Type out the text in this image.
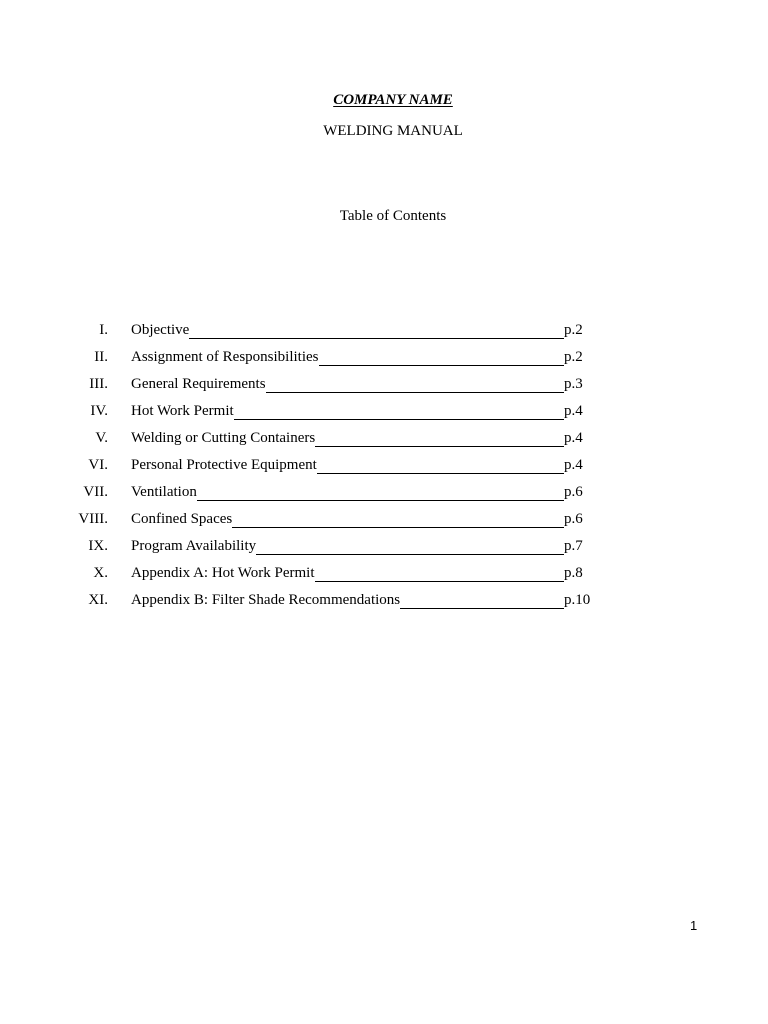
COMPANY NAME
WELDING MANUAL
Table of Contents
I. Objective	p.2
II. Assignment of Responsibilities	p.2
III. General Requirements	p.3
IV. Hot Work Permit	p.4
V. Welding or Cutting Containers	p.4
VI. Personal Protective Equipment	p.4
VII. Ventilation	p.6
VIII. Confined Spaces	p.6
IX. Program Availability	p.7
X. Appendix A: Hot Work Permit	p.8
XI. Appendix B: Filter Shade Recommendations	p.10
1
